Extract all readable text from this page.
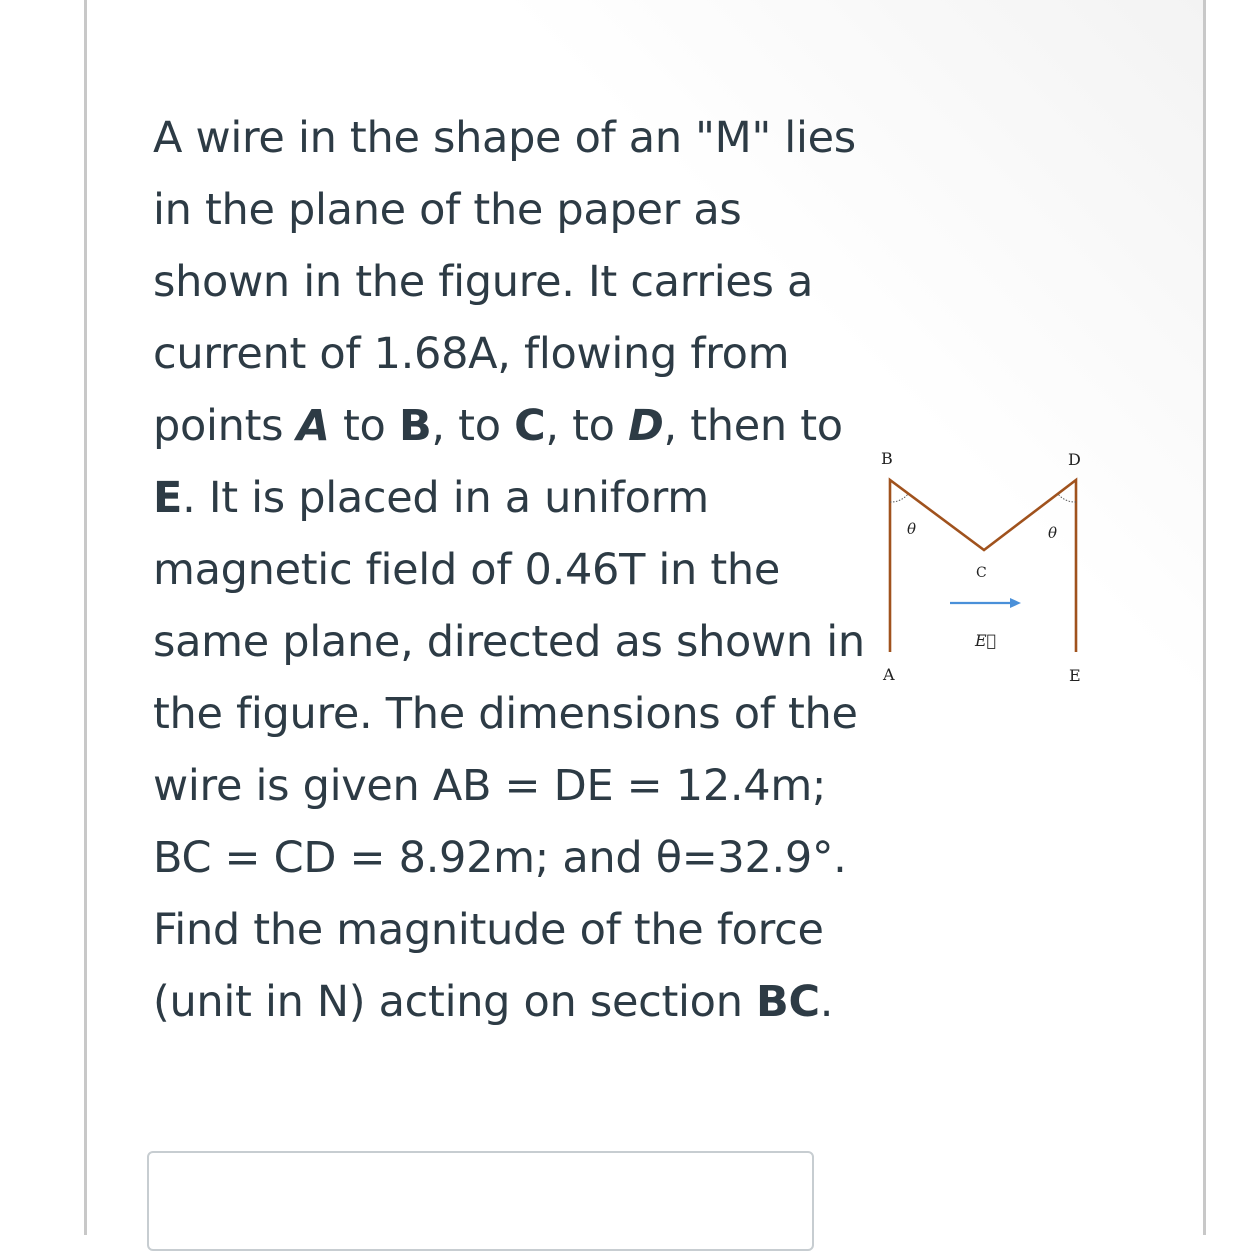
A wire in the shape of an "M" lies
in the plane of the paper as
shown in the figure. It carries a
current of 1.68A, flowing from
points A to B, to C, to D, then to
E. It is placed in a uniform
magnetic field of 0.46T in the
same plane, directed as shown in
the figure. The dimensions of the
wire is given AB = DE = 12.4m;
BC = CD = 8.92m; and θ=32.9°.
Find the magnitude of the force
(unit in N) acting on section BC.
B	D
C
A	E
θ	θ
E⃗
